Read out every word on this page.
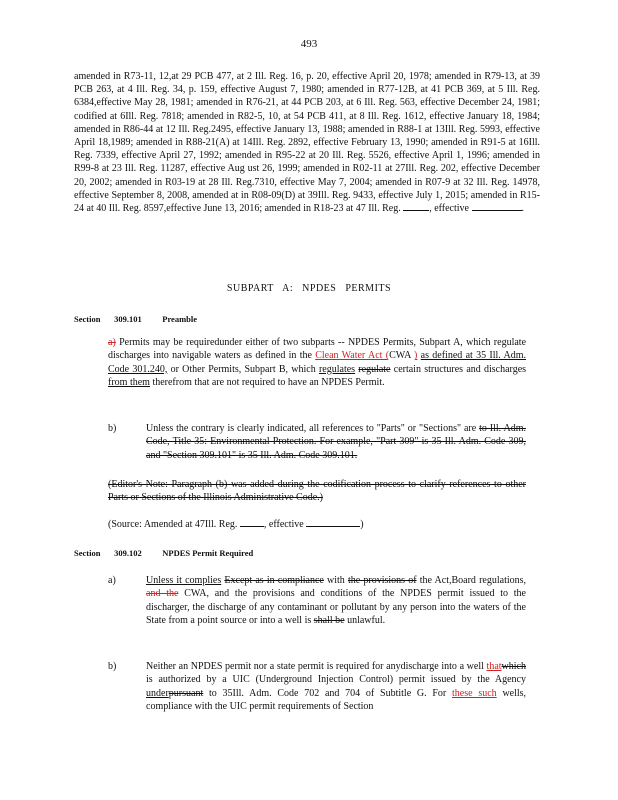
493
amended in R73-11, 12,at 29 PCB 477, at 2 Ill. Reg. 16, p. 20, effective April 20, 1978; amended in R79-13, at 39 PCB 263, at 4 Ill. Reg. 34, p. 159, effective August 7, 1980; amended in R77-12B, at 41 PCB 369, at 5 Ill. Reg. 6384,effective May 28, 1981; amended in R76-21, at 44 PCB 203, at 6 Ill. Reg. 563, effective December 24, 1981; codified at 6Ill. Reg. 7818; amended in R82-5, 10, at 54 PCB 411, at 8 Ill. Reg. 1612, effective January 18, 1984; amended in R86-44 at 12 Ill. Reg.2495, effective January 13, 1988; amended in R88-1 at 13Ill. Reg. 5993, effective April 18,1989; amended in R88-21(A) at 14Ill. Reg. 2892, effective February 13, 1990; amended in R91-5 at 16Ill. Reg. 7339, effective April 27, 1992; amended in R95-22 at 20 Ill. Reg. 5526, effective April 1, 1996; amended in R99-8 at 23 Ill. Reg. 11287, effective Aug ust 26, 1999; amended in R02-11 at 27Ill. Reg. 202, effective December 20, 2002; amended in R03-19 at 28 Ill. Reg.7310, effective May 7, 2004; amended in R07-9 at 32 Ill. Reg. 14978, effective September 8, 2008, amended at in R08-09(D) at 39Ill. Reg. 9433, effective July 1, 2015; amended in R15-24 at 40 Ill. Reg. 8597,effective June 13, 2016; amended in R18-23 at 47 Ill. Reg.	, effective	.
SUBPART A: NPDES PERMITS
Section 309.101 Preamble
a) Permits may be requiredunder either of two subparts -- NPDES Permits, Subpart A, which regulate discharges into navigable waters as defined in the Clean Water Act (CWA ) as defined at 35 Ill. Adm. Code 301.240, or Other Permits, Subpart B, which regulates regulate certain structures and discharges from them therefrom that are not required to have an NPDES Permit.
b)	Unless the contrary is clearly indicated, all references to "Parts" or "Sections" are to Ill. Adm. Code, Title 35: Environmental Protection. For example, "Part 309" is 35 Ill. Adm. Code 309, and "Section 309.101" is 35 Ill. Adm. Code 309.101.
(Editor's Note: Paragraph (b) was added during the codification process to clarify references to other Parts or Sections of the Illinois Administrative Code.)
(Source: Amended at 47Ill. Reg.	, effective	)
Section 309.102 NPDES Permit Required
a)	Unless it complies Except as in compliance with the provisions of the Act,Board regulations, and the CWA, and the provisions and conditions of the NPDES permit issued to the discharger, the discharge of any contaminant or pollutant by any person into the waters of the State from a point source or into a well is shall be unlawful.
b)	Neither an NPDES permit nor a state permit is required for anydischarge into a well thatwhich is authorized by a UIC (Underground Injection Control) permit issued by the Agency underpursuant to 35Ill. Adm. Code 702 and 704 of Subtitle G. For these such wells, compliance with the UIC permit requirements of Section
